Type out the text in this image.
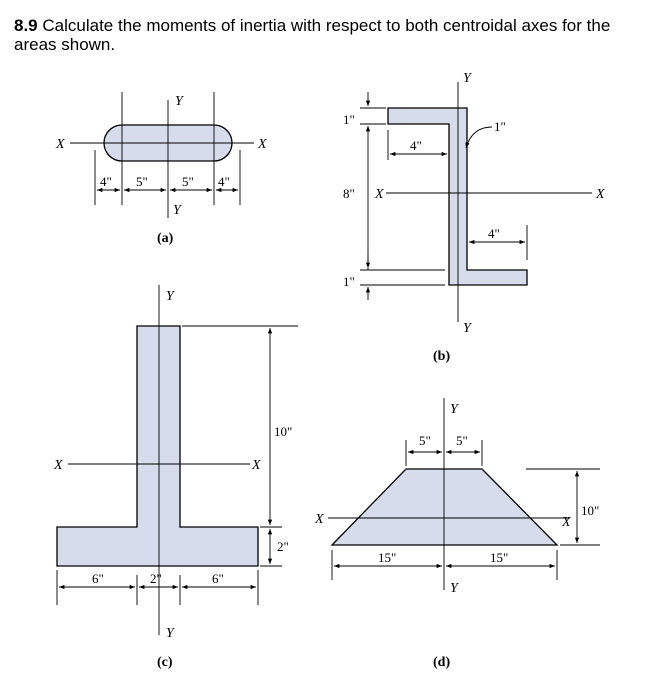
8.9 Calculate the moments of inertia with respect to both centroidal axes for the areas shown.
X	X
Y
Y
4" 5"	5" 4"
(a)
Y
Y
X	X
1"
8"
1"
4"
1"
4"
(b)
Y
Y
X	X
10"
2"
6"	2"	6"
(c)
Y
Y
X	X
5" 5"
15"	15"
10"
(d)
